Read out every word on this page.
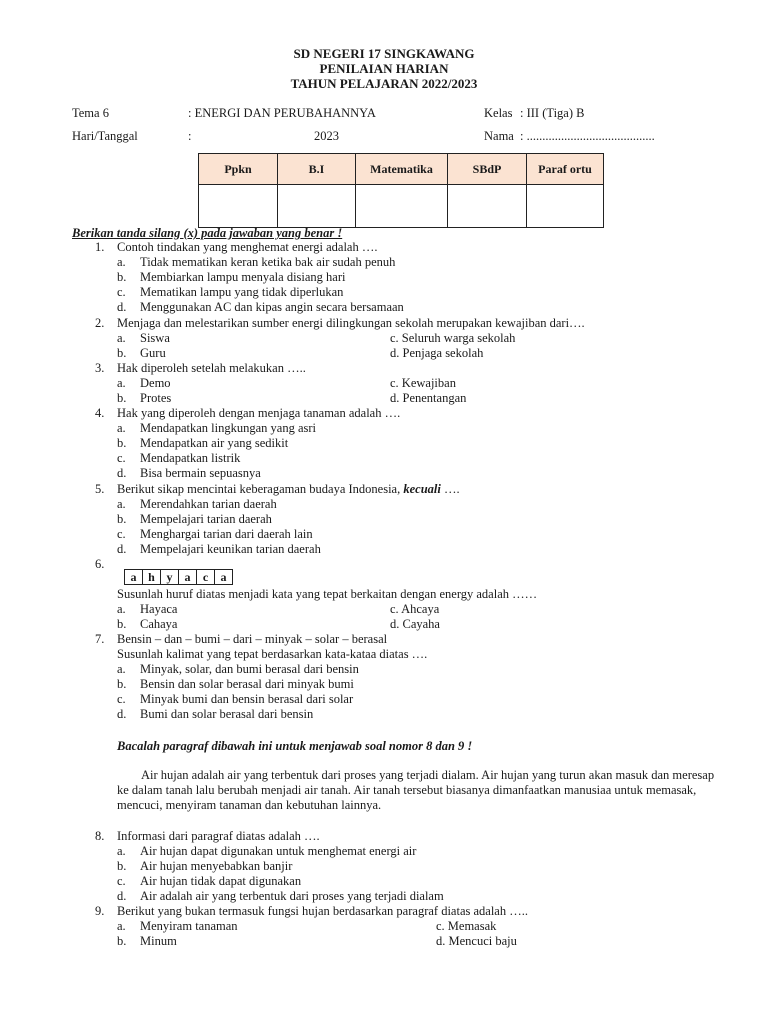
SD NEGERI 17 SINGKAWANG
PENILAIAN HARIAN
TAHUN PELAJARAN 2022/2023
Tema 6	: ENERGI DAN PERUBAHANNYA	Kelas : III (Tiga) B
Hari/Tanggal	:	2023	Nama : .........................................
Ppkn	B.I	Matematika	SBdP	Paraf ortu

Berikan tanda silang (x) pada jawaban yang benar !
1. Contoh tindakan yang menghemat energi adalah ….
a. Tidak mematikan keran ketika bak air sudah penuh
b. Membiarkan lampu menyala disiang hari
c. Mematikan lampu yang tidak diperlukan
d. Menggunakan AC dan kipas angin secara bersamaan
2. Menjaga dan melestarikan sumber energi dilingkungan sekolah merupakan kewajiban dari….
a. Siswa	c. Seluruh warga sekolah
b. Guru	d. Penjaga sekolah
3. Hak diperoleh setelah melakukan …..
a. Demo	c. Kewajiban
b. Protes	d. Penentangan
4. Hak yang diperoleh dengan menjaga tanaman adalah ….
a. Mendapatkan lingkungan yang asri
b. Mendapatkan air yang sedikit
c. Mendapatkan listrik
d. Bisa bermain sepuasnya
5. Berikut sikap mencintai keberagaman budaya Indonesia, kecuali ….
a. Merendahkan tarian daerah
b. Mempelajari tarian daerah
c. Menghargai tarian dari daerah lain
d. Mempelajari keunikan tarian daerah
6.
a	h	y	a	c	a
Susunlah huruf diatas menjadi kata yang tepat berkaitan dengan energy adalah ……
a. Hayaca	c. Ahcaya
b. Cahaya	d. Cayaha
7. Bensin – dan – bumi – dari – minyak – solar – berasal
Susunlah kalimat yang tepat berdasarkan kata-kataa diatas ….
a. Minyak, solar, dan bumi berasal dari bensin
b. Bensin dan solar berasal dari minyak bumi
c. Minyak bumi dan bensin berasal dari solar
d. Bumi dan solar berasal dari bensin
Bacalah paragraf dibawah ini untuk menjawab soal nomor 8 dan 9 !
Air hujan adalah air yang terbentuk dari proses yang terjadi dialam. Air hujan yang turun akan masuk dan meresap ke dalam tanah lalu berubah menjadi air tanah. Air tanah tersebut biasanya dimanfaatkan manusiaa untuk memasak, mencuci, menyiram tanaman dan kebutuhan lainnya.
8. Informasi dari paragraf diatas adalah ….
a. Air hujan dapat digunakan untuk menghemat energi air
b. Air hujan menyebabkan banjir
c. Air hujan tidak dapat digunakan
d. Air adalah air yang terbentuk dari proses yang terjadi dialam
9. Berikut yang bukan termasuk fungsi hujan berdasarkan paragraf diatas adalah …..
a. Menyiram tanaman	c. Memasak
b. Minum	d. Mencuci baju
